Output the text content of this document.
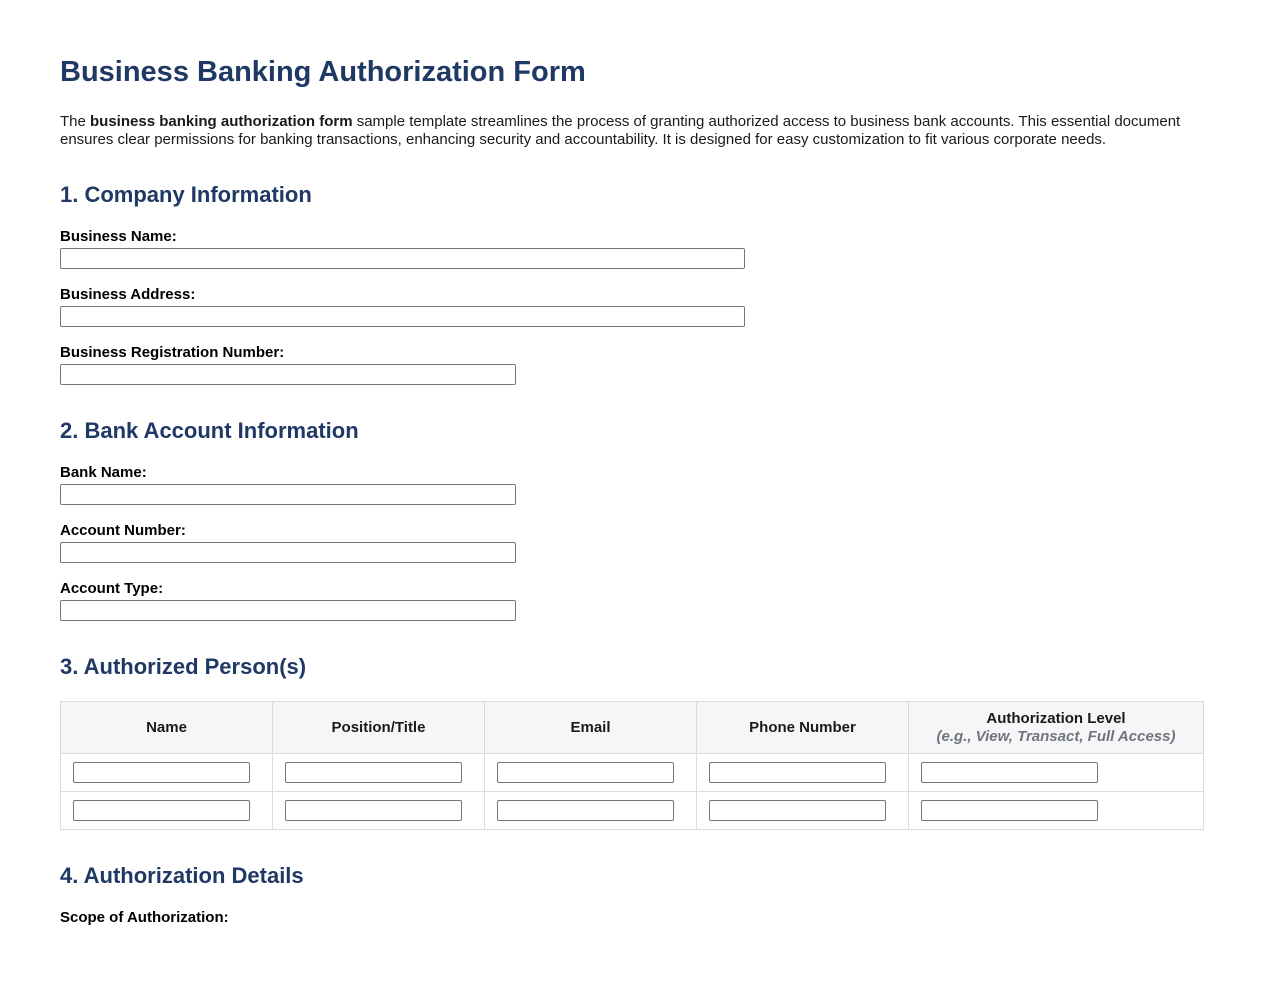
Business Banking Authorization Form

The business banking authorization form sample template streamlines the process of granting authorized access to business bank accounts. This essential document ensures clear permissions for banking transactions, enhancing security and accountability. It is designed for easy customization to fit various corporate needs.

1. Company Information
Business Name:
Business Address:
Business Registration Number:
2. Bank Account Information
Bank Name:
Account Number:
Account Type:
3. Authorized Person(s)
Name	Position/Title	Email	Phone Number	Authorization Level
(e.g., View, Transact, Full Access)

4. Authorization Details
Scope of Authorization:
